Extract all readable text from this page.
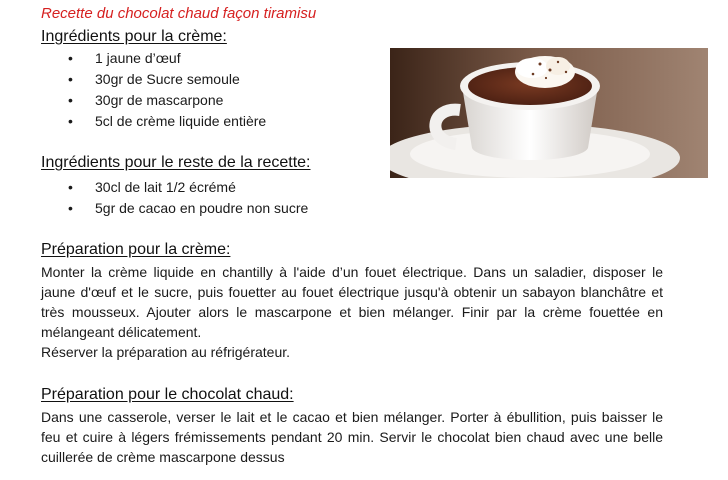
Recette du chocolat chaud façon tiramisu
Ingrédients pour la crème:
• 1 jaune d’œuf
• 30gr de Sucre semoule
• 30gr de mascarpone
• 5cl de crème liquide entière
Ingrédients pour le reste de la recette:
• 30cl de lait 1/2 écrémé
• 5gr de cacao en poudre non sucre
Préparation pour la crème:

Monter la crème liquide en chantilly à l'aide d’un fouet électrique. Dans un saladier, disposer le jaune d'œuf et le sucre, puis fouetter au fouet électrique jusqu'à obtenir un sabayon blanchâtre et très mousseux. Ajouter alors le mascarpone et bien mélanger. Finir par la crème fouettée en mélangeant délicatement.

Réserver la préparation au réfrigérateur.

Préparation pour le chocolat chaud:

Dans une casserole, verser le lait et le cacao et bien mélanger. Porter à ébullition, puis baisser le feu et cuire à légers frémissements pendant 20 min. Servir le chocolat bien chaud avec une belle cuillerée de crème mascarpone dessus
